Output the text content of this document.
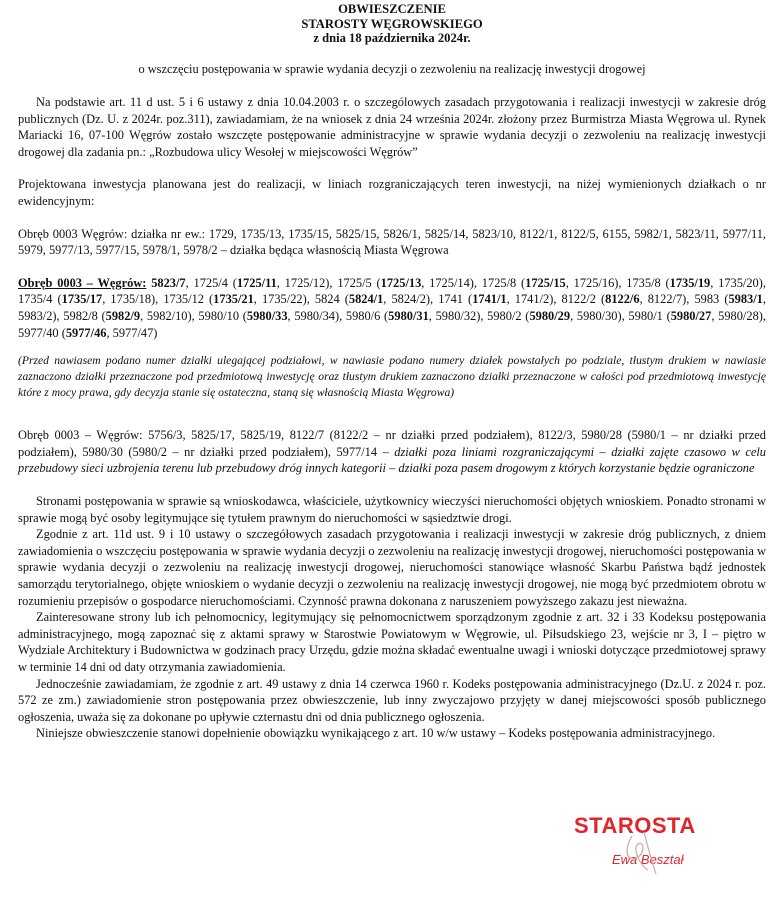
OBWIESZCZENIE
STAROSTY WĘGROWSKIEGO
z dnia 18 października 2024r.
o wszczęciu postępowania w sprawie wydania decyzji o zezwoleniu na realizację inwestycji drogowej

Na podstawie art. 11 d ust. 5 i 6 ustawy z dnia 10.04.2003 r. o szczególowych zasadach przygotowania i realizacji inwestycji w zakresie dróg publicznych (Dz. U. z 2024r. poz.311), zawiadamiam, że na wniosek z dnia 24 września 2024r. złożony przez Burmistrza Miasta Węgrowa ul. Rynek Mariacki 16, 07-100 Węgrów zostało wszczęte postępowanie administracyjne w sprawie wydania decyzji o zezwoleniu na realizację inwestycji drogowej dla zadania pn.: „Rozbudowa ulicy Wesołej w miejscowości Węgrów”

Projektowana inwestycja planowana jest do realizacji, w liniach rozgraniczających teren inwestycji, na niżej wymienionych działkach o nr ewidencyjnym:

Obręb 0003 Węgrów: działka nr ew.: 1729, 1735/13, 1735/15, 5825/15, 5826/1, 5825/14, 5823/10, 8122/1, 8122/5, 6155, 5982/1, 5823/11, 5977/11, 5979, 5977/13, 5977/15, 5978/1, 5978/2 – działka będąca własnością Miasta Węgrowa

Obręb 0003 – Węgrów: 5823/7, 1725/4 (1725/11, 1725/12), 1725/5 (1725/13, 1725/14), 1725/8 (1725/15, 1725/16), 1735/8 (1735/19, 1735/20), 1735/4 (1735/17, 1735/18), 1735/12 (1735/21, 1735/22), 5824 (5824/1, 5824/2), 1741 (1741/1, 1741/2), 8122/2 (8122/6, 8122/7), 5983 (5983/1, 5983/2), 5982/8 (5982/9, 5982/10), 5980/10 (5980/33, 5980/34), 5980/6 (5980/31, 5980/32), 5980/2 (5980/29, 5980/30), 5980/1 (5980/27, 5980/28), 5977/40 (5977/46, 5977/47)

(Przed nawiasem podano numer działki ulegającej podziałowi, w nawiasie podano numery działek powstałych po podziale, tłustym drukiem w nawiasie zaznaczono działki przeznaczone pod przedmiotową inwestycję oraz tłustym drukiem zaznaczono działki przeznaczone w całości pod przedmiotową inwestycję które z mocy prawa, gdy decyzja stanie się ostateczna, staną się własnością Miasta Węgrowa)

Obręb 0003 – Węgrów: 5756/3, 5825/17, 5825/19, 8122/7 (8122/2 – nr działki przed podziałem), 8122/3, 5980/28 (5980/1 – nr działki przed podziałem), 5980/30 (5980/2 – nr działki przed podziałem), 5977/14 – działki poza liniami rozgraniczającymi – działki zajęte czasowo w celu przebudowy sieci uzbrojenia terenu lub przebudowy dróg innych kategorii – działki poza pasem drogowym z których korzystanie będzie ograniczone

Stronami postępowania w sprawie są wnioskodawca, właściciele, użytkownicy wieczyści nieruchomości objętych wnioskiem. Ponadto stronami w sprawie mogą być osoby legitymujące się tytułem prawnym do nieruchomości w sąsiedztwie drogi.

Zgodnie z art. 11d ust. 9 i 10 ustawy o szczegółowych zasadach przygotowania i realizacji inwestycji w zakresie dróg publicznych, z dniem zawiadomienia o wszczęciu postępowania w sprawie wydania decyzji o zezwoleniu na realizację inwestycji drogowej, nieruchomości postępowania w sprawie wydania decyzji o zezwoleniu na realizację inwestycji drogowej, nieruchomości stanowiące własność Skarbu Państwa bądź jednostek samorządu terytorialnego, objęte wnioskiem o wydanie decyzji o zezwoleniu na realizację inwestycji drogowej, nie mogą być przedmiotem obrotu w rozumieniu przepisów o gospodarce nieruchomościami. Czynność prawna dokonana z naruszeniem powyższego zakazu jest nieważna.

Zainteresowane strony lub ich pełnomocnicy, legitymujący się pełnomocnictwem sporządzonym zgodnie z art. 32 i 33 Kodeksu postępowania administracyjnego, mogą zapoznać się z aktami sprawy w Starostwie Powiatowym w Węgrowie, ul. Piłsudskiego 23, wejście nr 3, I – piętro w Wydziale Architektury i Budownictwa w godzinach pracy Urzędu, gdzie można składać ewentualne uwagi i wnioski dotyczące przedmiotowej sprawy w terminie 14 dni od daty otrzymania zawiadomienia.

Jednocześnie zawiadamiam, że zgodnie z art. 49 ustawy z dnia 14 czerwca 1960 r. Kodeks postępowania administracyjnego (Dz.U. z 2024 r. poz. 572 ze zm.) zawiadomienie stron postępowania przez obwieszczenie, lub inny zwyczajowo przyjęty w danej miejscowości sposób publicznego ogłoszenia, uważa się za dokonane po upływie czternastu dni od dnia publicznego ogłoszenia.

Niniejsze obwieszczenie stanowi dopełnienie obowiązku wynikającego z art. 10 w/w ustawy – Kodeks postępowania administracyjnego.

STAROSTA
Ewa Beształ
